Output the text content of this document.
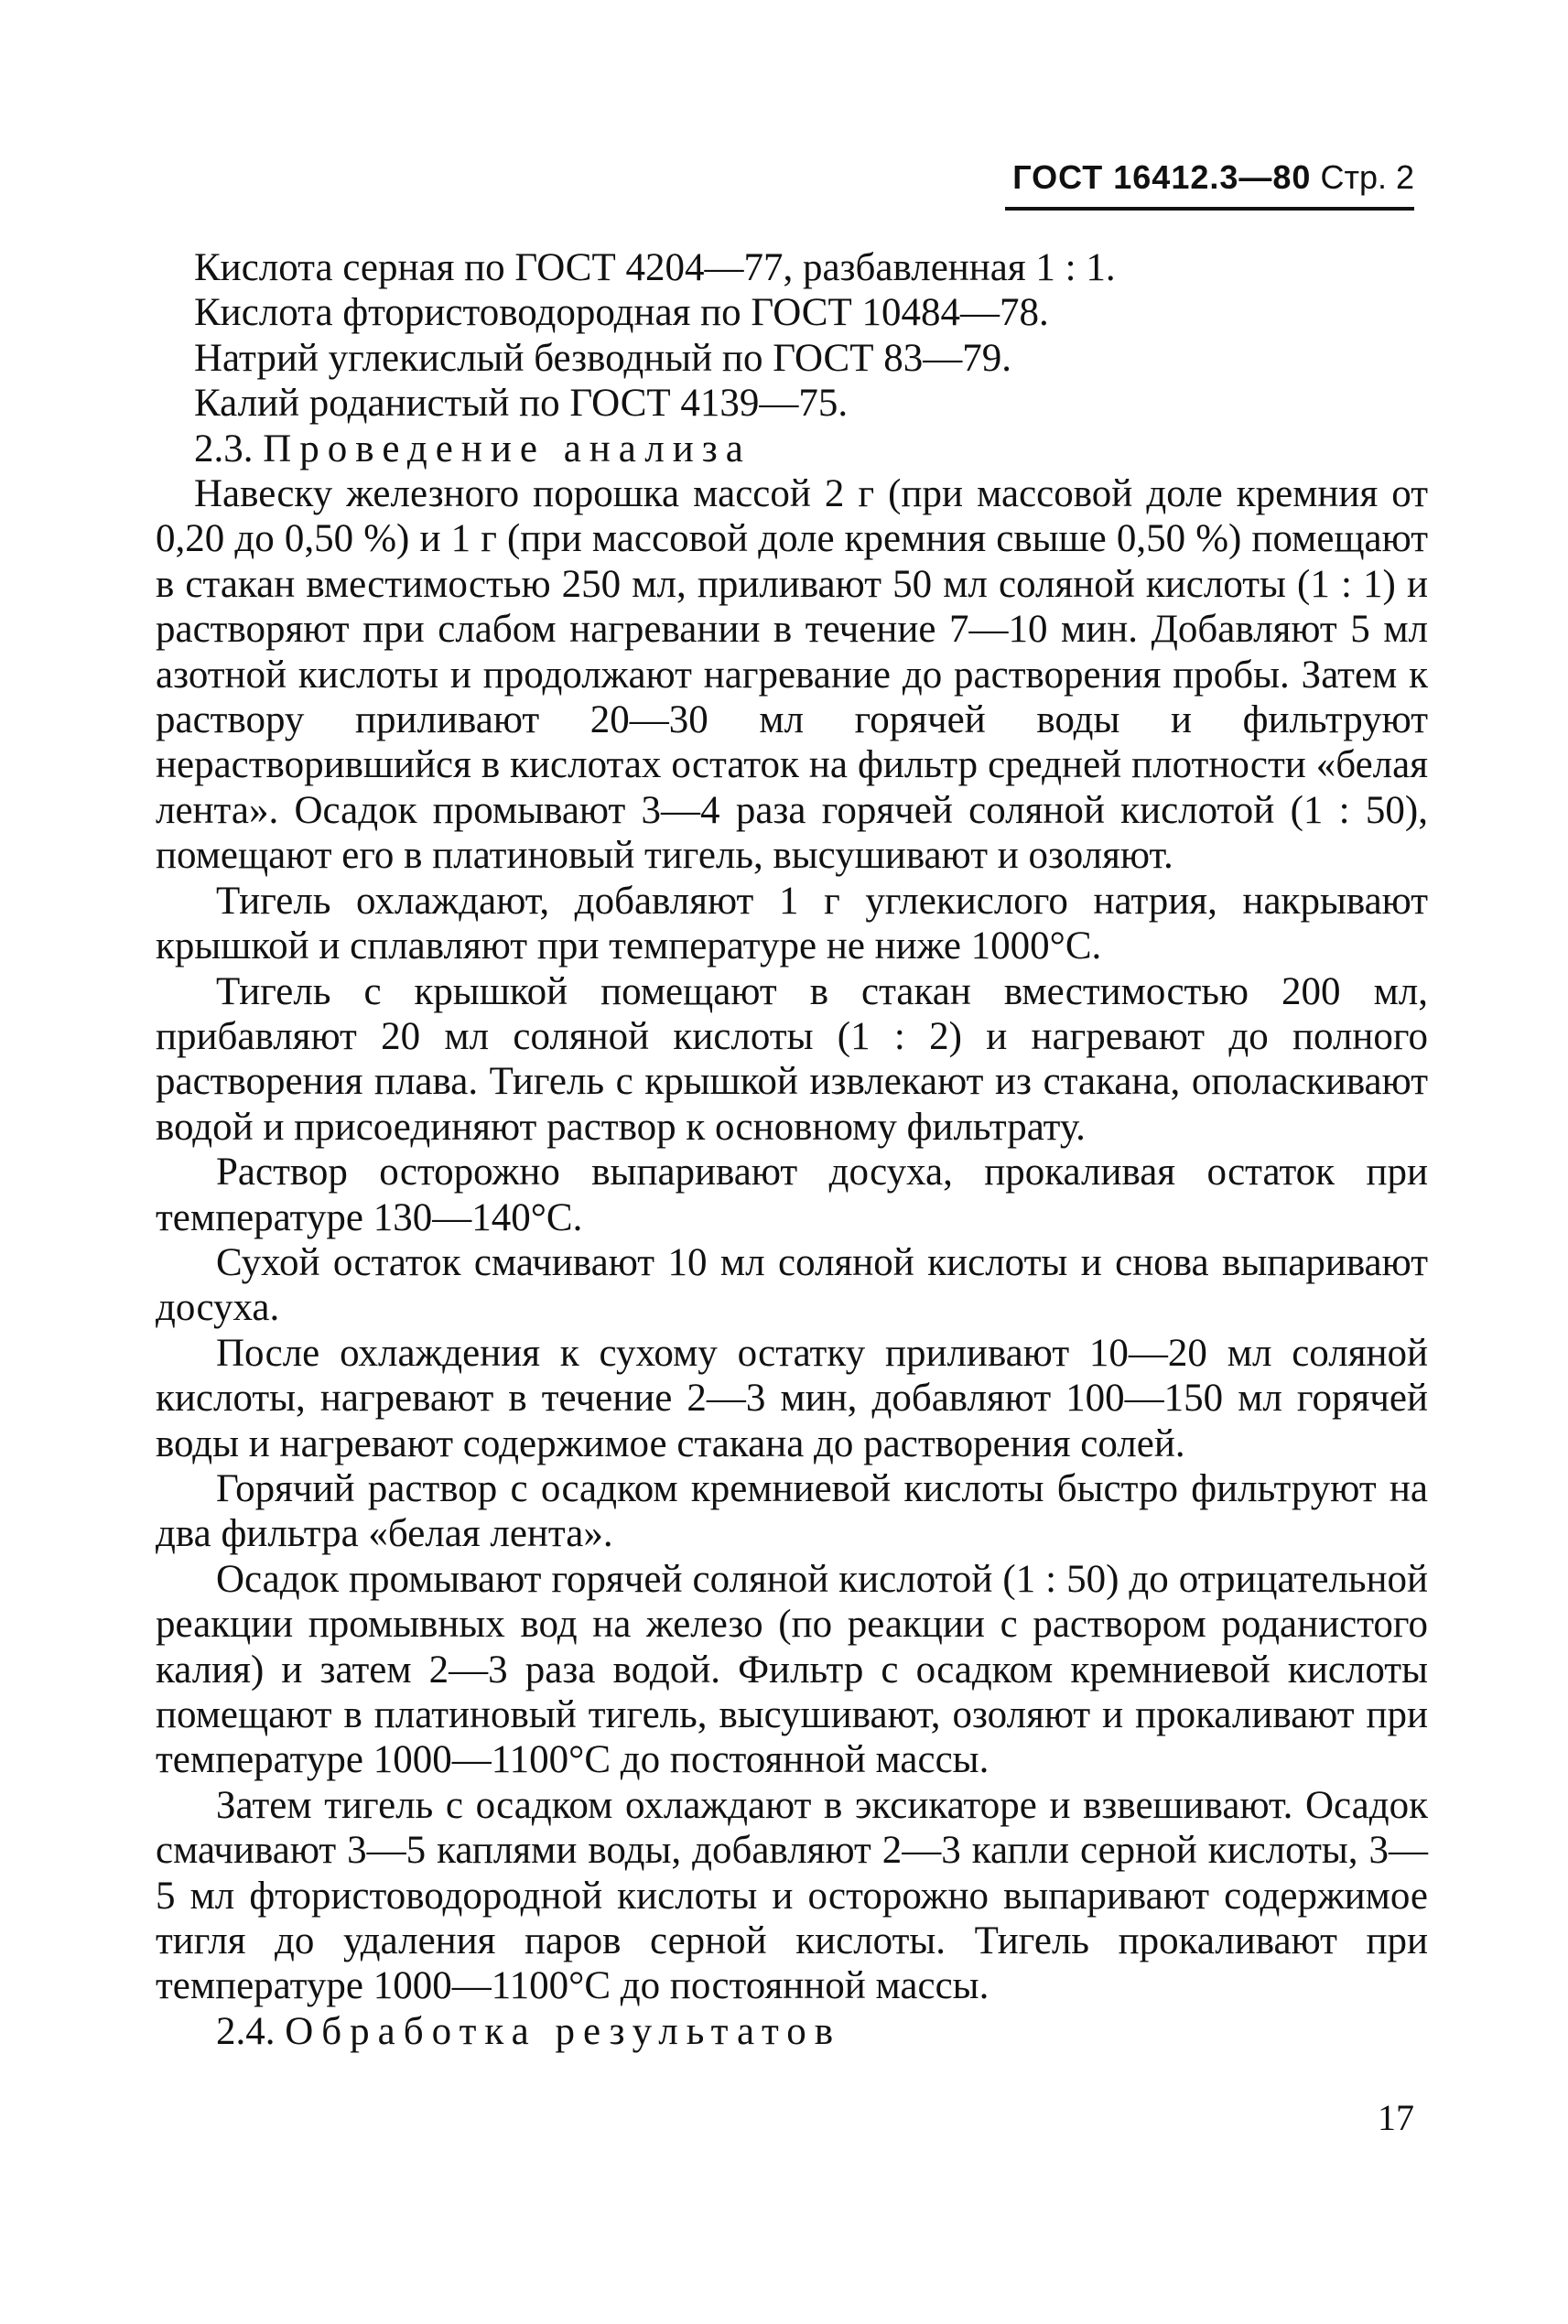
ГОСТ 16412.3—80 Стр. 2

Кислота серная по ГОСТ 4204—77, разбавленная 1 : 1.

Кислота фтористоводородная по ГОСТ 10484—78.

Натрий углекислый безводный по ГОСТ 83—79.

Калий роданистый по ГОСТ 4139—75.

2.3. Проведение анализа

Навеску железного порошка массой 2 г (при массовой доле кремния от 0,20 до 0,50 %) и 1 г (при массовой доле кремния свыше 0,50 %) помещают в стакан вместимостью 250 мл, приливают 50 мл соляной кислоты (1 : 1) и растворяют при слабом нагревании в течение 7—10 мин. Добавляют 5 мл азотной кислоты и продолжают нагревание до растворения пробы. Затем к раствору приливают 20—30 мл горячей воды и фильтруют нерастворившийся в кислотах остаток на фильтр средней плотности «белая лента». Осадок промывают 3—4 раза горячей соляной кислотой (1 : 50), помещают его в платиновый тигель, высушивают и озоляют.

Тигель охлаждают, добавляют 1 г углекислого натрия, накрывают крышкой и сплавляют при температуре не ниже 1000°С.

Тигель с крышкой помещают в стакан вместимостью 200 мл, прибавляют 20 мл соляной кислоты (1 : 2) и нагревают до полного растворения плава. Тигель с крышкой извлекают из стакана, ополаскивают водой и присоединяют раствор к основному фильтрату.

Раствор осторожно выпаривают досуха, прокаливая остаток при температуре 130—140°С.

Сухой остаток смачивают 10 мл соляной кислоты и снова выпаривают досуха.

После охлаждения к сухому остатку приливают 10—20 мл соляной кислоты, нагревают в течение 2—3 мин, добавляют 100—150 мл горячей воды и нагревают содержимое стакана до растворения солей.

Горячий раствор с осадком кремниевой кислоты быстро фильтруют на два фильтра «белая лента».

Осадок промывают горячей соляной кислотой (1 : 50) до отрицательной реакции промывных вод на железо (по реакции с раствором роданистого калия) и затем 2—3 раза водой. Фильтр с осадком кремниевой кислоты помещают в платиновый тигель, высушивают, озоляют и прокаливают при температуре 1000—1100°С до постоянной массы.

Затем тигель с осадком охлаждают в эксикаторе и взвешивают. Осадок смачивают 3—5 каплями воды, добавляют 2—3 капли серной кислоты, 3—5 мл фтористоводородной кислоты и осторожно выпаривают содержимое тигля до удаления паров серной кислоты. Тигель прокаливают при температуре 1000—1100°С до постоянной массы.

2.4. Обработка результатов

17
